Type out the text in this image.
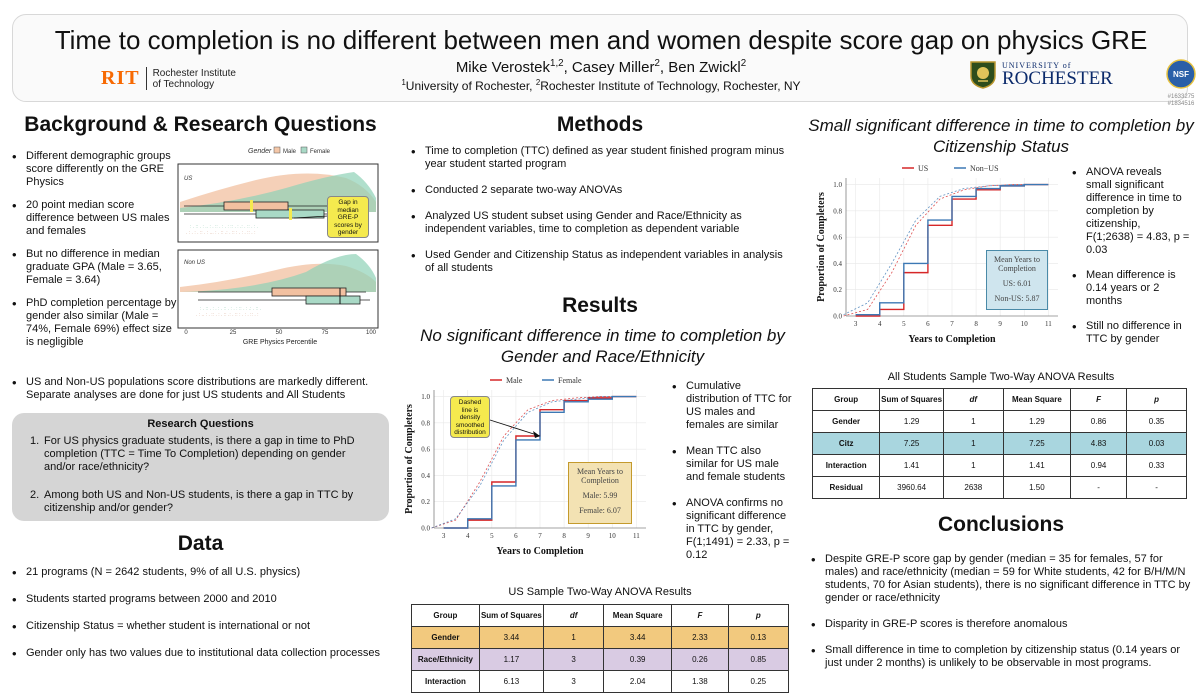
Time to completion is no different between men and women despite score gap on physics GRE
Mike Verostek$^{1,2}$, Casey Miller$^2$, Ben Zwickl$^2$
$^1$University of Rochester, $^2$Rochester Institute of Technology, Rochester, NY
RIT	Rochester Institute
of Technology
UNIVERSITY of
ROCHESTER	NSF
#1633275
#1834516
Background & Research Questions
• Different demographic groups score differently on the GRE Physics
• 20 point median score difference between US males and females
• But no difference in median graduate GPA (Male = 3.65, Female = 3.64)
• PhD completion percentage by gender also similar (Male = 74%, Female 69%) effect size is negligible
Gender Male Female
US
. : . : . :: . : ... : . :: .: . :: : . : . :: . :
: . :: . : .. : . :: . : . : :: . : .: . :: . : .
Non US
. : .. : . :: . : . :: .: . :: : . : . :: . :
: . :: . : . : . :: . : . : :: . : .: . :: .
0	25	50	75	100
GRE Physics Percentile
Gap in median GRE-P scores by gender
• US and Non-US populations score distributions are markedly different. Separate analyses are done for just US students and All Students
Research Questions
1. For US physics graduate students, is there a gap in time to PhD completion (TTC = Time To Completion) depending on gender and/or race/ethnicity?
2. Among both US and Non-US students, is there a gap in TTC by citizenship and/or gender?
Data
• 21 programs (N = 2642 students, 9% of all U.S. physics)
• Students started programs between 2000 and 2010
• Citizenship Status = whether student is international or not
• Gender only has two values due to institutional data collection processes
Methods
• Time to completion (TTC) defined as year student finished program minus year student started program
• Conducted 2 separate two-way ANOVAs
• Analyzed US student subset using Gender and Race/Ethnicity as independent variables, time to completion as dependent variable
• Used Gender and Citizenship Status as independent variables in analysis of all students
Results
No significant difference in time to completion by Gender and Race/Ethnicity
0.0
0.2
0.4
0.6
0.8
1.0
3	4	5	6	7	8	9	10 11
Years to Completion
Proportion of Completers
Male	Female
Dashed line is density smoothed distribution
Mean Years to Completion
Male: 5.99
Female: 6.07
• Cumulative distribution of TTC for US males and females are similar
• Mean TTC also similar for US male and female students
• ANOVA confirms no significant difference in TTC by gender, F(1;1491) = 2.33, p = 0.12
US Sample Two-Way ANOVA Results
Group	Sum of Squares	df	Mean Square	F	p
Gender	3.44	1	3.44	2.33	0.13
Race/Ethnicity	1.17	3	0.39	0.26	0.85
Interaction	6.13	3	2.04	1.38	0.25
Small significant difference in time to completion by Citizenship Status
0.0
0.2
0.4
0.6
0.8
1.0
3	4	5	6	7	8	9	10 11
Years to Completion
Proportion of Completers
US	Non−US
Mean Years to Completion
US: 6.01
Non-US: 5.87
• ANOVA reveals small significant difference in time to completion by citizenship, F(1;2638) = 4.83, p = 0.03
• Mean difference is 0.14 years or 2 months
• Still no difference in TTC by gender
All Students Sample Two-Way ANOVA Results
Group	Sum of Squares	df	Mean Square	F	p
Gender	1.29	1	1.29	0.86	0.35
Citz	7.25	1	7.25	4.83	0.03
Interaction	1.41	1	1.41	0.94	0.33
Residual	3960.64	2638	1.50	-	-
Conclusions
• Despite GRE-P score gap by gender (median = 35 for females, 57 for males) and race/ethnicity (median = 59 for White students, 42 for B/H/M/N students, 70 for Asian students), there is no significant difference in TTC by gender or race/ethnicity
• Disparity in GRE-P scores is therefore anomalous
• Small difference in time to completion by citizenship status (0.14 years or just under 2 months) is unlikely to be observable in most programs.
